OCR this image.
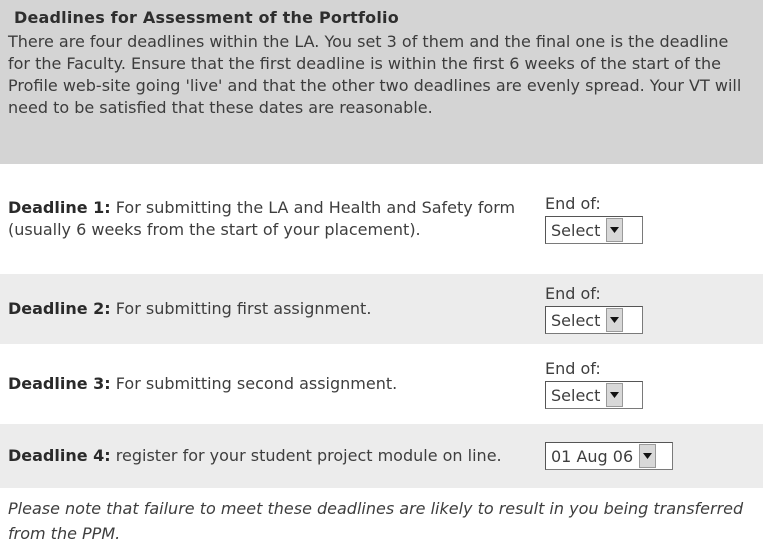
Deadlines for Assessment of the Portfolio
There are four deadlines within the LA. You set 3 of them and the final one is the deadline for the Faculty. Ensure that the first deadline is within the first 6 weeks of the start of the Profile web-site going 'live' and that the other two deadlines are evenly spread. Your VT will need to be satisfied that these dates are reasonable.
Deadline 1: For submitting the LA and Health and Safety form
(usually 6 weeks from the start of your placement).
End of:
Select
Deadline 2: For submitting first assignment.
End of:
Select
Deadline 3: For submitting second assignment.
End of:
Select
Deadline 4: register for your student project module on line.	01 Aug 06
Please note that failure to meet these deadlines are likely to result in you being transferred from the PPM.
